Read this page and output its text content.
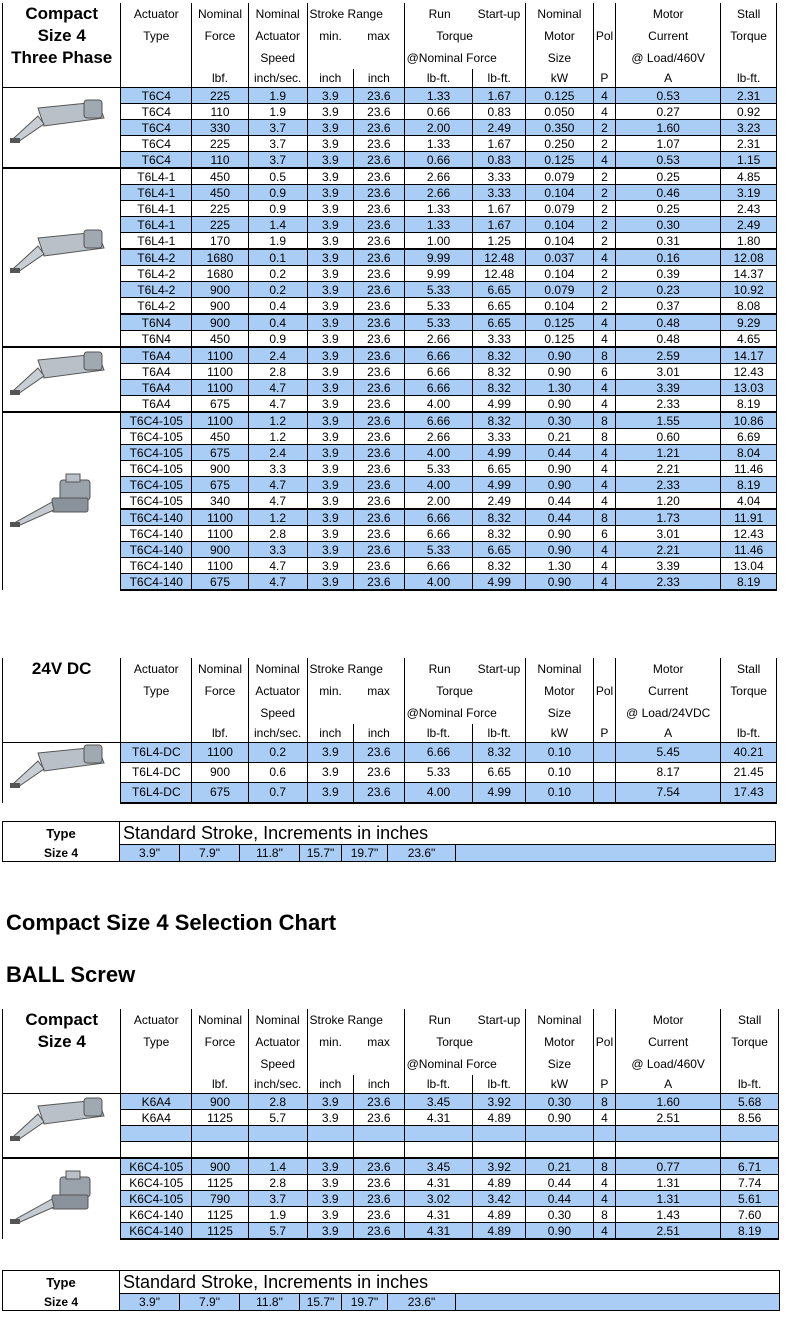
Compact	Actuator	Nominal	Nominal	Stroke Range		Run	Start-up	Nominal		Motor	Stall
Size 4	Type	Force	Actuator	min.	max	Torque		Motor	Pol	Current	Torque
Three Phase			Speed			@Nominal Force		Size		@ Load/460V	
		lbf.	inch/sec.	inch	inch	lb-ft.	lb-ft.	kW	P	A	lb-ft.

	T6C4	225	1.9	3.9	23.6	1.33	1.67	0.125	4	0.53	2.31
	T6C4	110	1.9	3.9	23.6	0.66	0.83	0.050	4	0.27	0.92
	T6C4	330	3.7	3.9	23.6	2.00	2.49	0.350	2	1.60	3.23
	T6C4	225	3.7	3.9	23.6	1.33	1.67	0.250	2	1.07	2.31
	T6C4	110	3.7	3.9	23.6	0.66	0.83	0.125	4	0.53	1.15

	T6L4-1	450	0.5	3.9	23.6	2.66	3.33	0.079	2	0.25	4.85
	T6L4-1	450	0.9	3.9	23.6	2.66	3.33	0.104	2	0.46	3.19
	T6L4-1	225	0.9	3.9	23.6	1.33	1.67	0.079	2	0.25	2.43
	T6L4-1	225	1.4	3.9	23.6	1.33	1.67	0.104	2	0.30	2.49
	T6L4-1	170	1.9	3.9	23.6	1.00	1.25	0.104	2	0.31	1.80
	T6L4-2	1680	0.1	3.9	23.6	9.99	12.48	0.037	4	0.16	12.08
	T6L4-2	1680	0.2	3.9	23.6	9.99	12.48	0.104	2	0.39	14.37
	T6L4-2	900	0.2	3.9	23.6	5.33	6.65	0.079	2	0.23	10.92
	T6L4-2	900	0.4	3.9	23.6	5.33	6.65	0.104	2	0.37	8.08
	T6N4	900	0.4	3.9	23.6	5.33	6.65	0.125	4	0.48	9.29
	T6N4	450	0.9	3.9	23.6	2.66	3.33	0.125	4	0.48	4.65

	T6A4	1100	2.4	3.9	23.6	6.66	8.32	0.90	8	2.59	14.17
	T6A4	1100	2.8	3.9	23.6	6.66	8.32	0.90	6	3.01	12.43
	T6A4	1100	4.7	3.9	23.6	6.66	8.32	1.30	4	3.39	13.03
	T6A4	675	4.7	3.9	23.6	4.00	4.99	0.90	4	2.33	8.19

	T6C4-105	1100	1.2	3.9	23.6	6.66	8.32	0.30	8	1.55	10.86
	T6C4-105	450	1.2	3.9	23.6	2.66	3.33	0.21	8	0.60	6.69
	T6C4-105	675	2.4	3.9	23.6	4.00	4.99	0.44	4	1.21	8.04
	T6C4-105	900	3.3	3.9	23.6	5.33	6.65	0.90	4	2.21	11.46
	T6C4-105	675	4.7	3.9	23.6	4.00	4.99	0.90	4	2.33	8.19
	T6C4-105	340	4.7	3.9	23.6	2.00	2.49	0.44	4	1.20	4.04
	T6C4-140	1100	1.2	3.9	23.6	6.66	8.32	0.44	8	1.73	11.91
	T6C4-140	1100	2.8	3.9	23.6	6.66	8.32	0.90	6	3.01	12.43
	T6C4-140	900	3.3	3.9	23.6	5.33	6.65	0.90	4	2.21	11.46
	T6C4-140	1100	4.7	3.9	23.6	6.66	8.32	1.30	4	3.39	13.04
	T6C4-140	675	4.7	3.9	23.6	4.00	4.99	0.90	4	2.33	8.19
24V DC	Actuator	Nominal	Nominal	Stroke Range		Run	Start-up	Nominal		Motor	Stall
	Type	Force	Actuator	min.	max	Torque		Motor	Pol	Current	Torque
			Speed			@Nominal Force		Size		@ Load/24VDC	
		lbf.	inch/sec.	inch	inch	lb-ft.	lb-ft.	kW	P	A	lb-ft.

	T6L4-DC	1100	0.2	3.9	23.6	6.66	8.32	0.10		5.45	40.21
	T6L4-DC	900	0.6	3.9	23.6	5.33	6.65	0.10		8.17	21.45
	T6L4-DC	675	0.7	3.9	23.6	4.00	4.99	0.10		7.54	17.43
Type	Standard Stroke, Increments in inches						
Size 4	3.9"	7.9"	11.8"	15.7"	19.7"	23.6"	
Compact Size 4 Selection Chart
BALL Screw
Compact	Actuator	Nominal	Nominal	Stroke Range		Run	Start-up	Nominal		Motor	Stall
Size 4	Type	Force	Actuator	min.	max	Torque		Motor	Pol	Current	Torque
			Speed			@Nominal Force		Size		@ Load/460V	
		lbf.	inch/sec.	inch	inch	lb-ft.	lb-ft.	kW	P	A	lb-ft.

	K6A4	900	2.8	3.9	23.6	3.45	3.92	0.30	8	1.60	5.68
	K6A4	1125	5.7	3.9	23.6	4.31	4.89	0.90	4	2.51	8.56

	K6C4-105	900	1.4	3.9	23.6	3.45	3.92	0.21	8	0.77	6.71
	K6C4-105	1125	2.8	3.9	23.6	4.31	4.89	0.44	4	1.31	7.74
	K6C4-105	790	3.7	3.9	23.6	3.02	3.42	0.44	4	1.31	5.61
	K6C4-140	1125	1.9	3.9	23.6	4.31	4.89	0.30	8	1.43	7.60
	K6C4-140	1125	5.7	3.9	23.6	4.31	4.89	0.90	4	2.51	8.19
Type	Standard Stroke, Increments in inches						
Size 4	3.9"	7.9"	11.8"	15.7"	19.7"	23.6"	
